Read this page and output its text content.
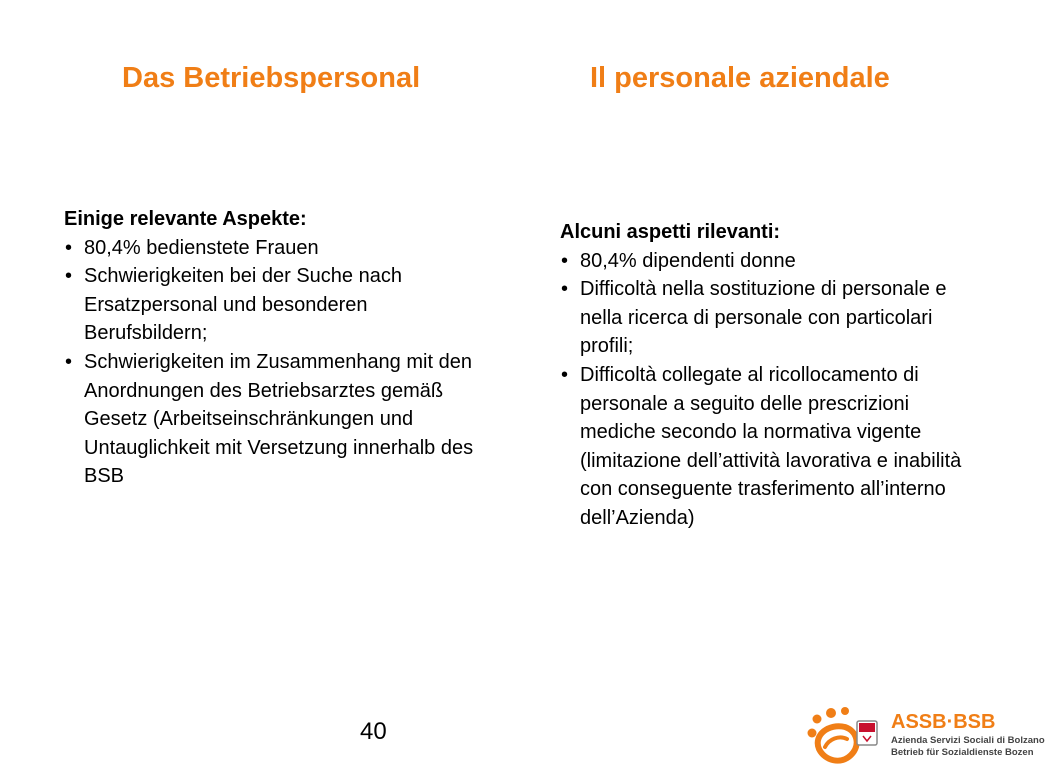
Das Betriebspersonal	Il personale aziendale
Einige relevante Aspekte:
• 80,4% bedienstete Frauen
• Schwierigkeiten bei der Suche nach Ersatzpersonal und besonderen Berufsbildern;
• Schwierigkeiten im Zusammenhang mit den Anordnungen des Betriebsarztes gemäß Gesetz (Arbeitseinschränkungen und Untauglichkeit mit Versetzung innerhalb des BSB
Alcuni aspetti rilevanti:
• 80,4% dipendenti donne
• Difficoltà nella sostituzione di personale e nella ricerca di personale con particolari profili;
• Difficoltà collegate al ricollocamento di personale a seguito delle prescrizioni mediche secondo la normativa vigente (limitazione dell’attività lavorativa e inabilità con conseguente trasferimento all’interno dell’Azienda)
40	ASSB·BSB
Azienda Servizi Sociali di Bolzano
Betrieb für Sozialdienste Bozen
